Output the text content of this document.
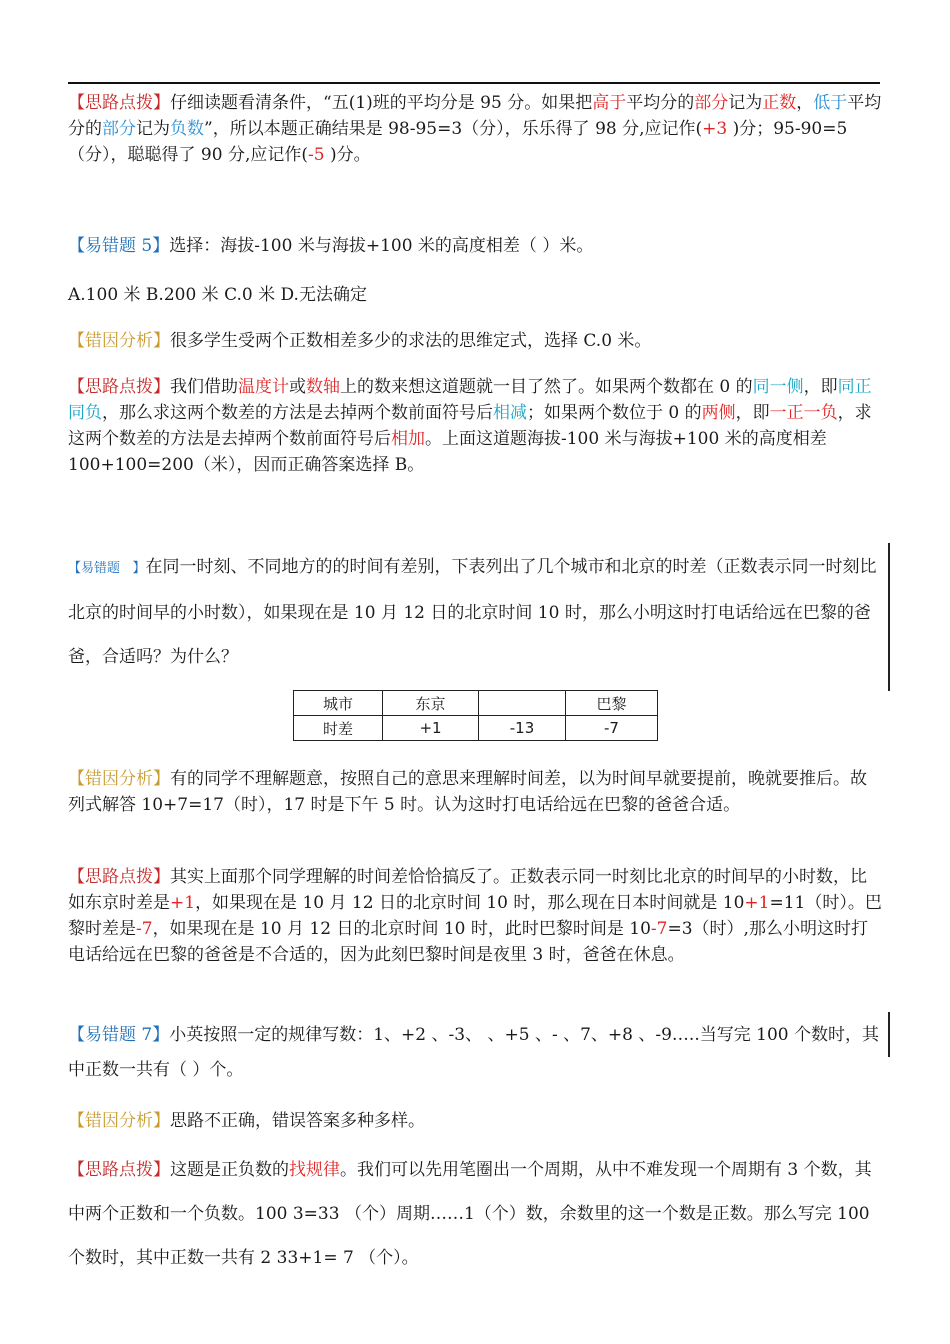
【思路点拨】仔细读题看清条件，“五(1)班的平均分是 95 分。如果把高于平均分的部分记为正数，低于平均分的部分记为负数”，所以本题正确结果是 98-95=3（分），乐乐得了 98 分,应记作(+3 )分；95-90=5（分），聪聪得了 90 分,应记作(-5 )分。

【易错题 5】选择：海拔-100 米与海拔+100 米的高度相差（ ）米。

A.100 米 B.200 米 C.0 米 D.无法确定

【错因分析】很多学生受两个正数相差多少的求法的思维定式，选择 C.0 米。

【思路点拨】我们借助温度计或数轴上的数来想这道题就一目了然了。如果两个数都在 0 的同一侧，即同正同负，那么求这两个数差的方法是去掉两个数前面符号后相减；如果两个数位于 0 的两侧，即一正一负，求这两个数差的方法是去掉两个数前面符号后相加。上面这道题海拔-100 米与海拔+100 米的高度相差 100+100=200（米），因而正确答案选择 B。

【易错题 】在同一时刻、不同地方的的时间有差别，下表列出了几个城市和北京的时差（正数表示同一时刻比北京的时间早的小时数），如果现在是 10 月 12 日的北京时间 10 时，那么小明这时打电话给远在巴黎的爸爸，合适吗？为什么？

城市	东京		巴黎
时差	+1	-13	-7

【错因分析】有的同学不理解题意，按照自己的意思来理解时间差，以为时间早就要提前，晚就要推后。故列式解答 10+7=17（时），17 时是下午 5 时。认为这时打电话给远在巴黎的爸爸合适。

【思路点拨】其实上面那个同学理解的时间差恰恰搞反了。正数表示同一时刻比北京的时间早的小时数，比如东京时差是+1，如果现在是 10 月 12 日的北京时间 10 时，那么现在日本时间就是 10+1=11（时）。巴黎时差是-7，如果现在是 10 月 12 日的北京时间 10 时，此时巴黎时间是 10-7=3（时）,那么小明这时打电话给远在巴黎的爸爸是不合适的，因为此刻巴黎时间是夜里 3 时，爸爸在休息。

【易错题 7】小英按照一定的规律写数：1、+2 、-3、 、+5 、- 、7、+8 、-9…..当写完 100 个数时，其中正数一共有（ ）个。

【错因分析】思路不正确，错误答案多种多样。

【思路点拨】这题是正负数的找规律。我们可以先用笔圈出一个周期，从中不难发现一个周期有 3 个数，其中两个正数和一个负数。100 3=33 （个）周期……1（个）数，余数里的这一个数是正数。那么写完 100 个数时，其中正数一共有 2 33+1= 7 （个）。
